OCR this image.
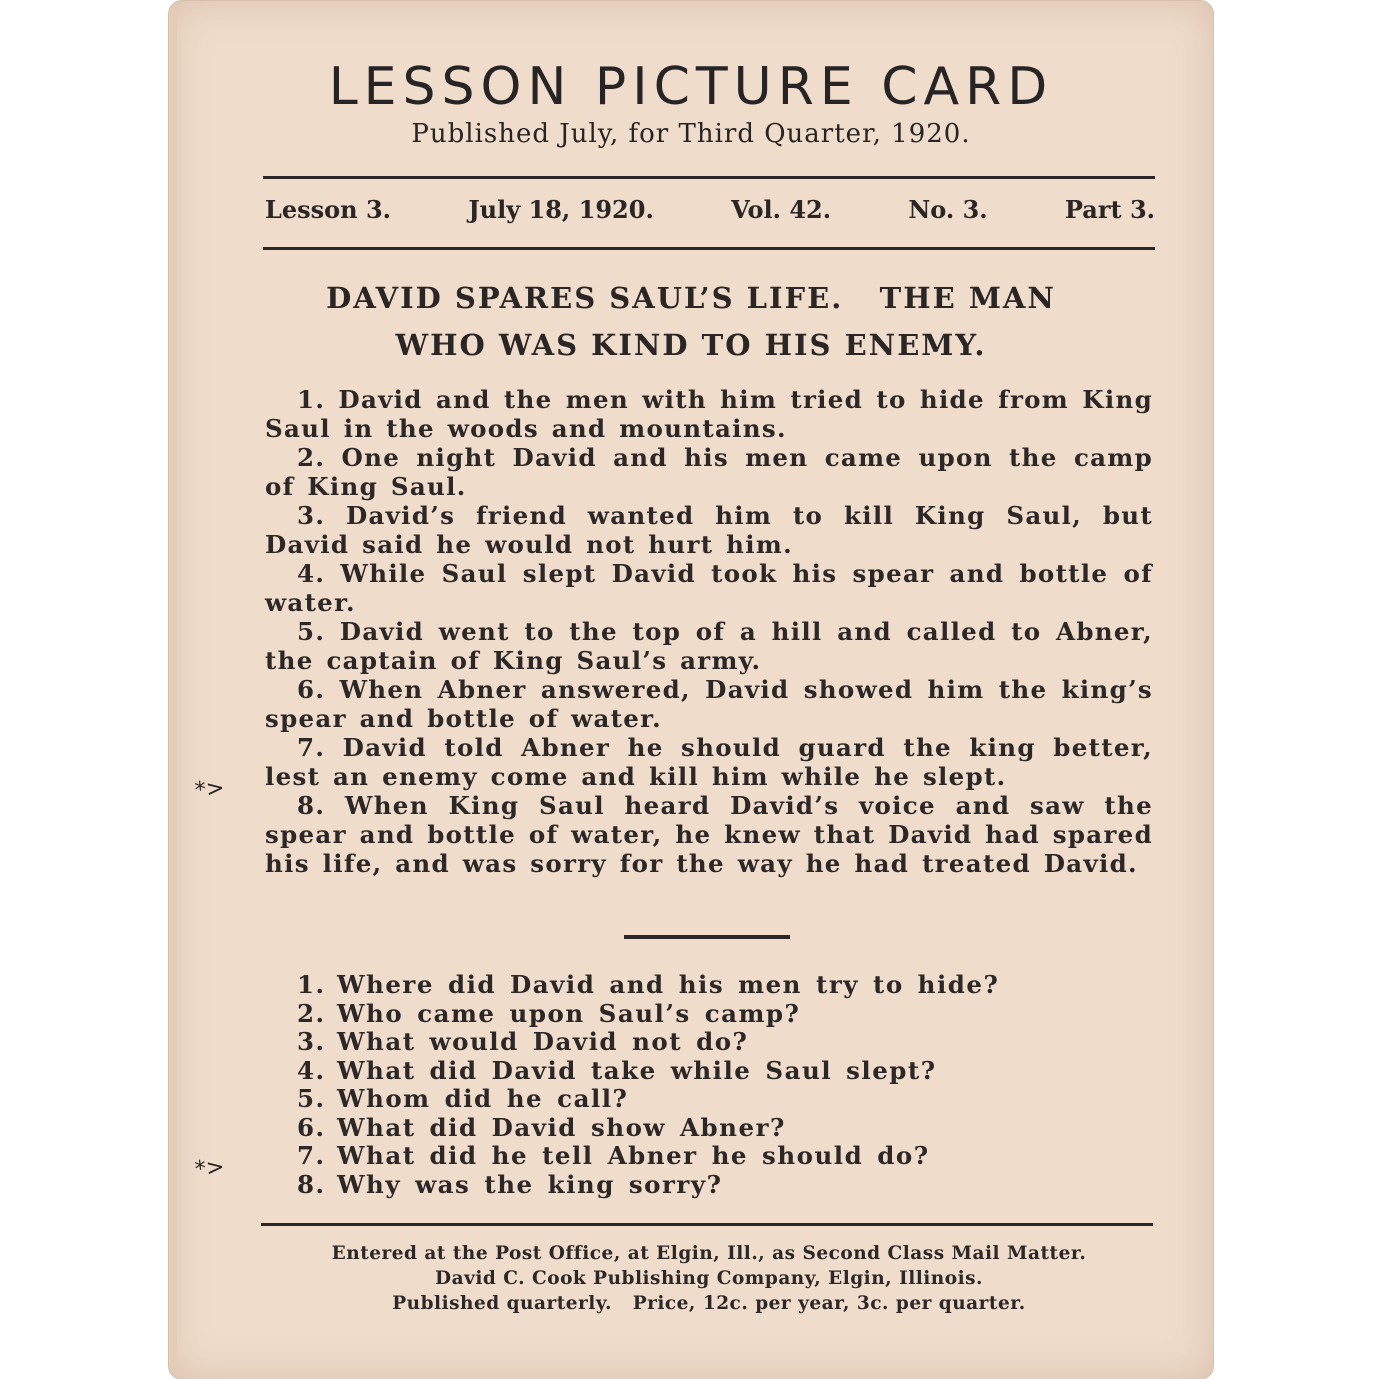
LESSON PICTURE CARD
Published July, for Third Quarter, 1920.
Lesson 3.	July 18, 1920.	Vol. 42.	No. 3.	Part 3.
DAVID SPARES SAUL’S LIFE.   THE MAN
WHO WAS KIND TO HIS ENEMY.
1. David and the men with him tried to hide from King Saul in the woods and mountains.
2. One night David and his men came upon the camp of King Saul.
3. David’s friend wanted him to kill King Saul, but David said he would not hurt him.
4. While Saul slept David took his spear and bottle of water.
5. David went to the top of a hill and called to Abner, the captain of King Saul’s army.
6. When Abner answered, David showed him the king’s spear and bottle of water.
7. David told Abner he should guard the king better, lest an enemy come and kill him while he slept.
8. When King Saul heard David’s voice and saw the spear and bottle of water, he knew that David had spared his life, and was sorry for the way he had treated David.
1. Where did David and his men try to hide?
2. Who came upon Saul’s camp?
3. What would David not do?
4. What did David take while Saul slept?
5. Whom did he call?
6. What did David show Abner?
7. What did he tell Abner he should do?
8. Why was the king sorry?
Entered at the Post Office, at Elgin, Ill., as Second Class Mail Matter.
David C. Cook Publishing Company, Elgin, Illinois.
Published quarterly.   Price, 12c. per year, 3c. per quarter.
*>
*>
